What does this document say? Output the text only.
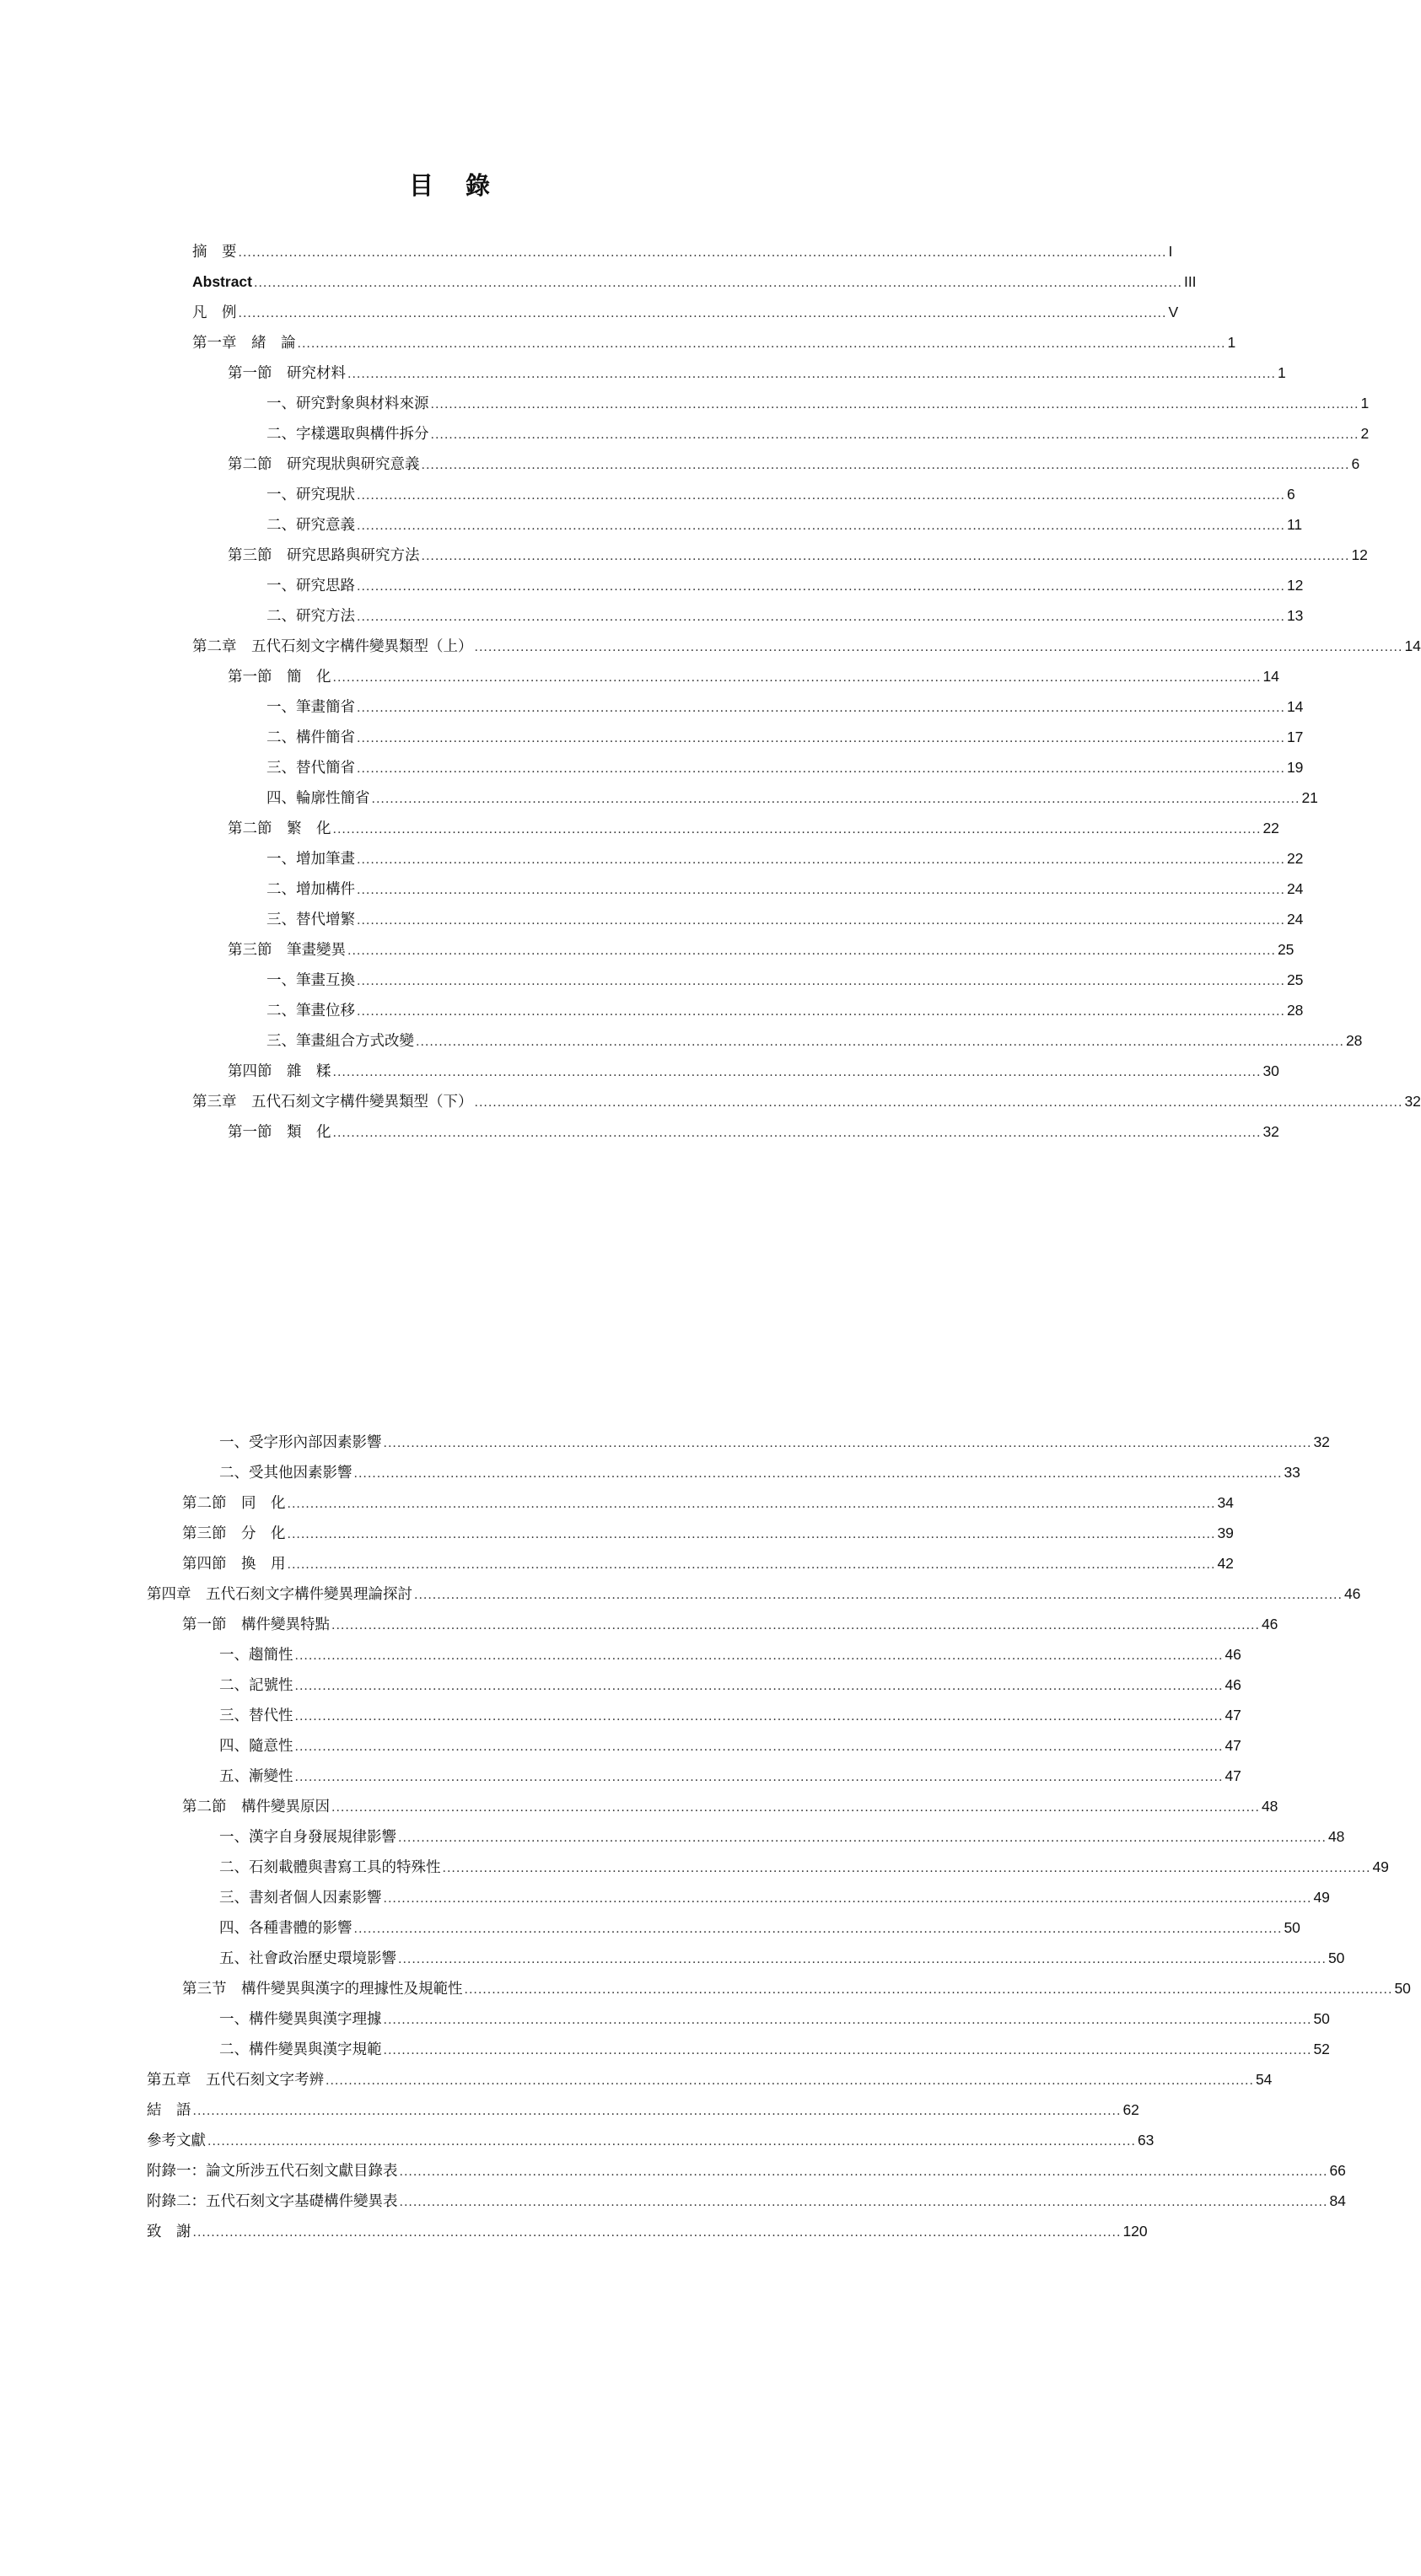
目 錄
摘　要 .......................................................................................................................................................................................................... I
Abstract .......................................................................................................................................................................................................... III
凡　例 .......................................................................................................................................................................................................... V
第一章　緒　論 .......................................................................................................................................................................................................... 1
第一節　研究材料 .......................................................................................................................................................................................................... 1
一、研究對象與材料來源 .......................................................................................................................................................................................................... 1
二、字樣選取與構件拆分 .......................................................................................................................................................................................................... 2
第二節　研究現狀與研究意義 .......................................................................................................................................................................................................... 6
一、研究現狀 .......................................................................................................................................................................................................... 6
二、研究意義 .......................................................................................................................................................................................................... 11
第三節　研究思路與研究方法 .......................................................................................................................................................................................................... 12
一、研究思路 .......................................................................................................................................................................................................... 12
二、研究方法 .......................................................................................................................................................................................................... 13
第二章　五代石刻文字構件變異類型（上） .......................................................................................................................................................................................................... 14
第一節　簡　化 .......................................................................................................................................................................................................... 14
一、筆畫簡省 .......................................................................................................................................................................................................... 14
二、構件簡省 .......................................................................................................................................................................................................... 17
三、替代簡省 .......................................................................................................................................................................................................... 19
四、輪廓性簡省 .......................................................................................................................................................................................................... 21
第二節　繁　化 .......................................................................................................................................................................................................... 22
一、增加筆畫 .......................................................................................................................................................................................................... 22
二、增加構件 .......................................................................................................................................................................................................... 24
三、替代增繁 .......................................................................................................................................................................................................... 24
第三節　筆畫變異 .......................................................................................................................................................................................................... 25
一、筆畫互換 .......................................................................................................................................................................................................... 25
二、筆畫位移 .......................................................................................................................................................................................................... 28
三、筆畫組合方式改變 .......................................................................................................................................................................................................... 28
第四節　雜　糅 .......................................................................................................................................................................................................... 30
第三章　五代石刻文字構件變異類型（下） .......................................................................................................................................................................................................... 32
第一節　類　化 .......................................................................................................................................................................................................... 32
一、受字形內部因素影響 .......................................................................................................................................................................................................... 32
二、受其他因素影響 .......................................................................................................................................................................................................... 33
第二節　同　化 .......................................................................................................................................................................................................... 34
第三節　分　化 .......................................................................................................................................................................................................... 39
第四節　換　用 .......................................................................................................................................................................................................... 42
第四章　五代石刻文字構件變異理論探討 .......................................................................................................................................................................................................... 46
第一節　構件變異特點 .......................................................................................................................................................................................................... 46
一、趨簡性 .......................................................................................................................................................................................................... 46
二、記號性 .......................................................................................................................................................................................................... 46
三、替代性 .......................................................................................................................................................................................................... 47
四、隨意性 .......................................................................................................................................................................................................... 47
五、漸變性 .......................................................................................................................................................................................................... 47
第二節　構件變異原因 .......................................................................................................................................................................................................... 48
一、漢字自身發展規律影響 .......................................................................................................................................................................................................... 48
二、石刻載體與書寫工具的特殊性 .......................................................................................................................................................................................................... 49
三、書刻者個人因素影響 .......................................................................................................................................................................................................... 49
四、各種書體的影響 .......................................................................................................................................................................................................... 50
五、社會政治歷史環境影響 .......................................................................................................................................................................................................... 50
第三节　構件變異與漢字的理據性及規範性 .......................................................................................................................................................................................................... 50
一、構件變異與漢字理據 .......................................................................................................................................................................................................... 50
二、構件變異與漢字規範 .......................................................................................................................................................................................................... 52
第五章　五代石刻文字考辨 .......................................................................................................................................................................................................... 54
結　語 .......................................................................................................................................................................................................... 62
參考文獻 .......................................................................................................................................................................................................... 63
附錄一：論文所涉五代石刻文獻目錄表 .......................................................................................................................................................................................................... 66
附錄二：五代石刻文字基礎構件變異表 .......................................................................................................................................................................................................... 84
致　謝 .......................................................................................................................................................................................................... 120
